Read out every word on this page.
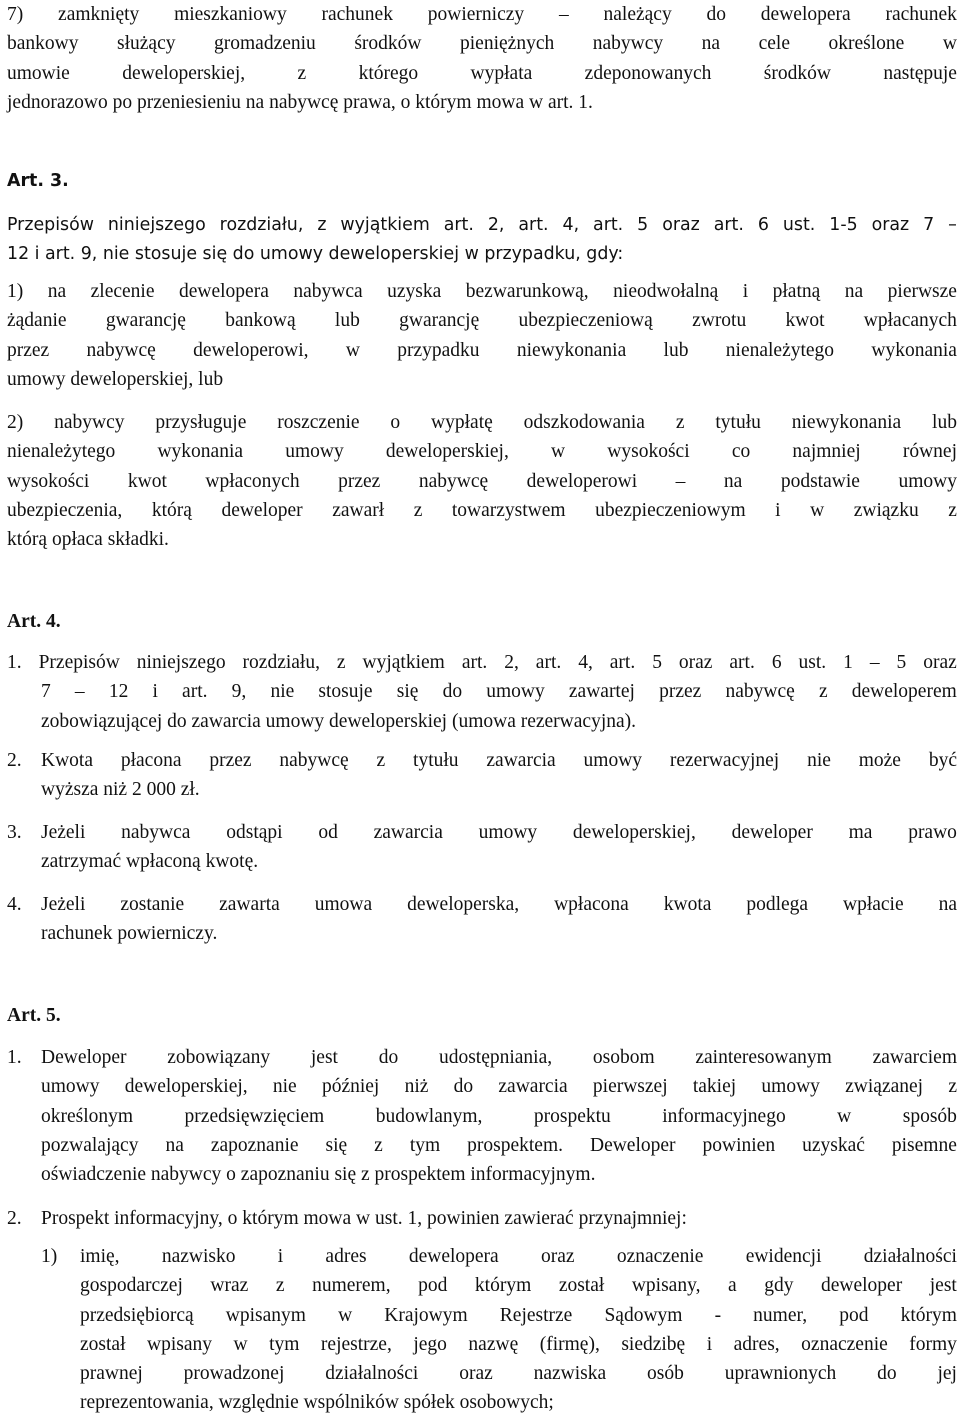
7) zamknięty mieszkaniowy rachunek powierniczy – należący do dewelopera rachunek
bankowy służący gromadzeniu środków pieniężnych nabywcy na cele określone w
umowie	deweloperskiej,	z	którego	wypłata	zdeponowanych	środków	następuje
jednorazowo po przeniesieniu na nabywcę prawa, o którym mowa w art. 1.
Art. 3.
Przepisów niniejszego rozdziału, z wyjątkiem art. 2, art. 4, art. 5 oraz art. 6 ust. 1-5 oraz 7 –
12 i art. 9, nie stosuje się do umowy deweloperskiej w przypadku, gdy:
1) na zlecenie dewelopera nabywca uzyska bezwarunkową, nieodwołalną i płatną na pierwsze
żądanie gwarancję bankową lub gwarancję ubezpieczeniową zwrotu kwot wpłacanych
przez nabywcę deweloperowi, w przypadku niewykonania lub nienależytego wykonania
umowy deweloperskiej, lub
2) nabywcy przysługuje roszczenie o wypłatę odszkodowania z tytułu niewykonania lub
nienależytego wykonania umowy deweloperskiej, w wysokości co najmniej równej
wysokości kwot wpłaconych przez nabywcę deweloperowi – na podstawie umowy
ubezpieczenia, którą deweloper zawarł z towarzystwem ubezpieczeniowym i w związku z
którą opłaca składki.
Art. 4.
1. Przepisów niniejszego rozdziału, z wyjątkiem art. 2, art. 4, art. 5 oraz art. 6 ust. 1 – 5 oraz
7 – 12 i art. 9, nie stosuje się do umowy zawartej przez nabywcę z deweloperem
zobowiązującej do zawarcia umowy deweloperskiej (umowa rezerwacyjna).
2. Kwota płacona przez nabywcę z tytułu zawarcia umowy rezerwacyjnej nie może być
wyższa niż 2 000 zł.
3. Jeżeli nabywca odstąpi od zawarcia umowy deweloperskiej, deweloper ma prawo
zatrzymać wpłaconą kwotę.
4. Jeżeli zostanie zawarta umowa deweloperska, wpłacona kwota podlega wpłacie na
rachunek powierniczy.
Art. 5.
1. Deweloper zobowiązany jest do udostępniania, osobom zainteresowanym zawarciem
umowy deweloperskiej, nie później niż do zawarcia pierwszej takiej umowy związanej z
określonym	przedsięwzięciem	budowlanym,	prospektu	informacyjnego	w	sposób
pozwalający na zapoznanie się z tym prospektem. Deweloper powinien uzyskać pisemne
oświadczenie nabywcy o zapoznaniu się z prospektem informacyjnym.
2. Prospekt informacyjny, o którym mowa w ust. 1, powinien zawierać przynajmniej:
1)	imię, nazwisko i adres dewelopera oraz oznaczenie ewidencji działalności
gospodarczej wraz z numerem, pod którym został wpisany, a gdy deweloper jest
przedsiębiorcą wpisanym w Krajowym Rejestrze Sądowym - numer, pod którym
został wpisany w tym rejestrze, jego nazwę (firmę), siedzibę i adres, oznaczenie formy
prawnej prowadzonej działalności oraz nazwiska osób uprawnionych do jej
reprezentowania, względnie wspólników spółek osobowych;
